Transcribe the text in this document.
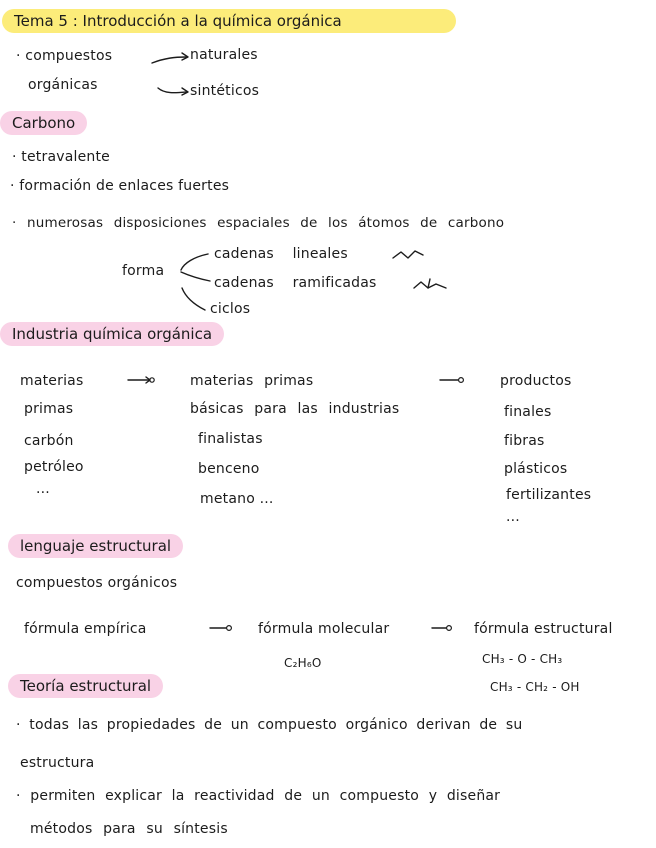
Tema 5 : Introducción a la química orgánica
· compuestos	naturales
orgánicas	sintéticos
Carbono
· tetravalente
· formación de enlaces fuertes
· numerosas disposiciones espaciales de los átomos de carbono
forma
cadenas lineales
cadenas ramificadas
ciclos
Industria química orgánica
materias
primas
carbón
petróleo
...
materias primas
básicas para las industrias
finalistas
benceno
metano ...
productos
finales
fibras
plásticos
fertilizantes
...
lenguaje estructural
compuestos orgánicos
fórmula empírica	fórmula molecular	fórmula estructural
C₂H₆O	CH₃ - O - CH₃
CH₃ - CH₂ - OH
Teoría estructural
· todas las propiedades de un compuesto orgánico derivan de su
estructura
· permiten explicar la reactividad de un compuesto y diseñar
métodos para su síntesis
